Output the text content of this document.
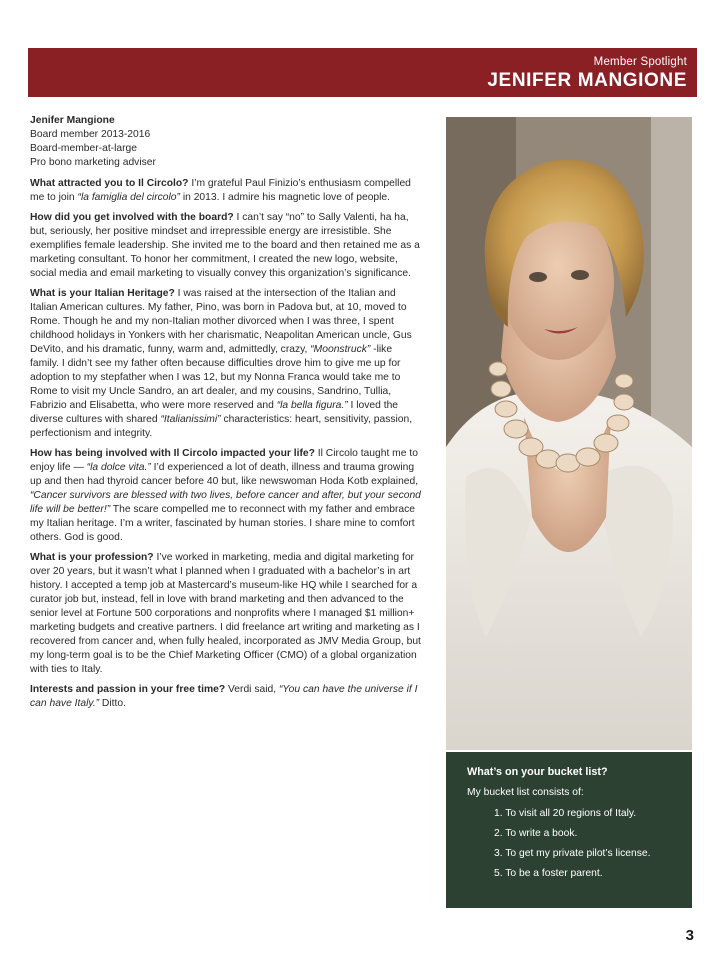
Member Spotlight
JENIFER MANGIONE
Jenifer Mangione
Board member 2013-2016
Board-member-at-large
Pro bono marketing adviser

What attracted you to Il Circolo? I’m grateful Paul Finizio’s enthusiasm compelled me to join “la famiglia del circolo” in 2013. I admire his magnetic love of people.

How did you get involved with the board? I can’t say “no” to Sally Valenti, ha ha, but, seriously, her positive mindset and irrepressible energy are irresistible. She exemplifies female leadership. She invited me to the board and then retained me as a marketing consultant. To honor her commitment, I created the new logo, website, social media and email marketing to visually convey this organization’s significance.

What is your Italian Heritage? I was raised at the intersection of the Italian and Italian American cultures. My father, Pino, was born in Padova but, at 10, moved to Rome. Though he and my non-Italian mother divorced when I was three, I spent childhood holidays in Yonkers with her charismatic, Neapolitan American uncle, Gus DeVito, and his dramatic, funny, warm and, admittedly, crazy, “Moonstruck” -like family. I didn’t see my father often because difficulties drove him to give me up for adoption to my stepfather when I was 12, but my Nonna Franca would take me to Rome to visit my Uncle Sandro, an art dealer, and my cousins, Sandrino, Tullia, Fabrizio and Elisabetta, who were more reserved and “la bella figura.” I loved the diverse cultures with shared “Italianissimi” characteristics: heart, sensitivity, passion, perfectionism and integrity.

How has being involved with Il Circolo impacted your life? Il Circolo taught me to enjoy life — “la dolce vita.” I’d experienced a lot of death, illness and trauma growing up and then had thyroid cancer before 40 but, like newswoman Hoda Kotb explained, “Cancer survivors are blessed with two lives, before cancer and after, but your second life will be better!” The scare compelled me to reconnect with my father and embrace my Italian heritage. I’m a writer, fascinated by human stories. I share mine to comfort others. God is good.

What is your profession? I’ve worked in marketing, media and digital marketing for over 20 years, but it wasn’t what I planned when I graduated with a bachelor’s in art history. I accepted a temp job at Mastercard’s museum-like HQ while I searched for a curator job but, instead, fell in love with brand marketing and then advanced to the senior level at Fortune 500 corporations and nonprofits where I managed $1 million+ marketing budgets and creative partners. I did freelance art writing and marketing as I recovered from cancer and, when fully healed, incorporated as JMV Media Group, but my long-term goal is to be the Chief Marketing Officer (CMO) of a global organization with ties to Italy.

Interests and passion in your free time? Verdi said, “You can have the universe if I can have Italy.” Ditto.

What’s on your bucket list?
My bucket list consists of:
1. To visit all 20 regions of Italy.
2. To write a book.
3. To get my private pilot’s license.
5. To be a foster parent.
3
